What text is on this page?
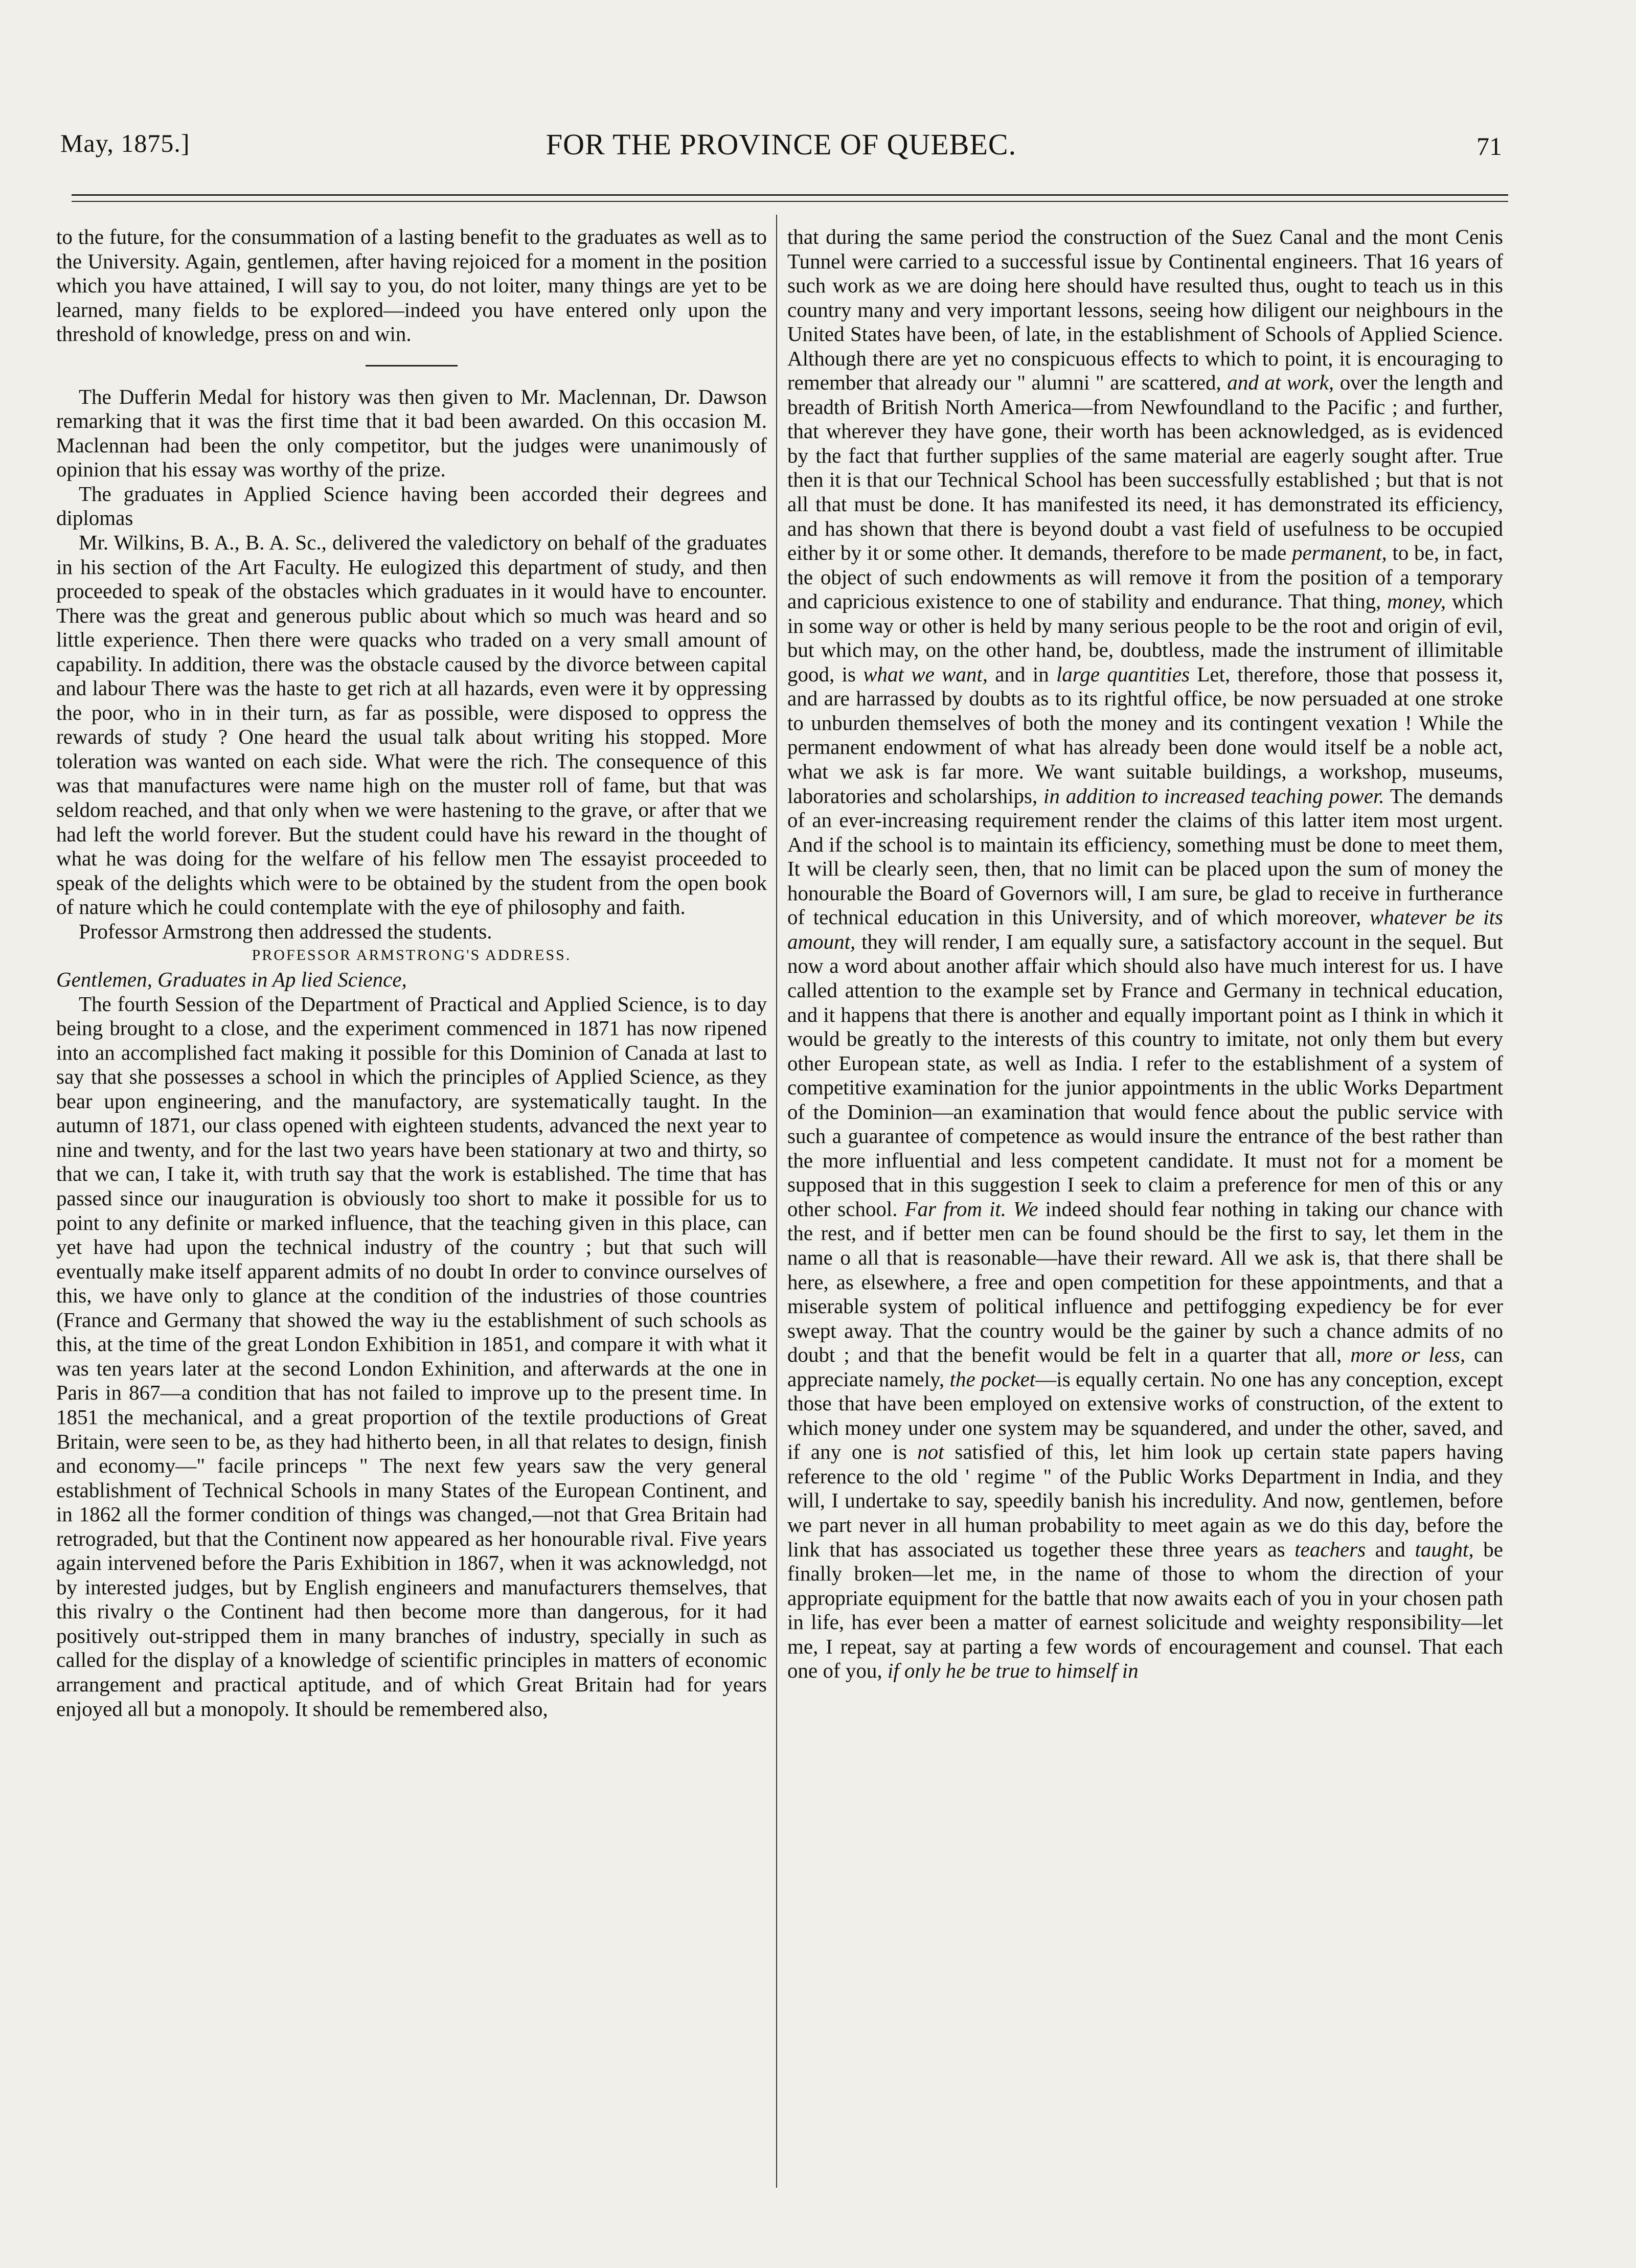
May, 1875.]	FOR THE PROVINCE OF QUEBEC.	71

to the future, for the consummation of a lasting benefit to the graduates as well as to the University. Again, gentlemen, after having rejoiced for a moment in the position which you have attained, I will say to you, do not loiter, many things are yet to be learned, many fields to be explored—indeed you have entered only upon the threshold of knowledge, press on and win.

The Dufferin Medal for history was then given to Mr. Maclennan, Dr. Dawson remarking that it was the first time that it bad been awarded. On this occasion M. Maclennan had been the only competitor, but the judges were unanimously of opinion that his essay was worthy of the prize.

The graduates in Applied Science having been accorded their degrees and diplomas

Mr. Wilkins, B. A., B. A. Sc., delivered the valedictory on behalf of the graduates in his section of the Art Faculty. He eulogized this department of study, and then proceeded to speak of the obstacles which graduates in it would have to encounter. There was the great and generous public about which so much was heard and so little experience. Then there were quacks who traded on a very small amount of capability. In addition, there was the obstacle caused by the divorce between capital and labour There was the haste to get rich at all hazards, even were it by oppressing the poor, who in in their turn, as far as possible, were disposed to oppress the rewards of study ? One heard the usual talk about writing his stopped. More toleration was wanted on each side. What were the rich. The consequence of this was that manufactures were name high on the muster roll of fame, but that was seldom reached, and that only when we were hastening to the grave, or after that we had left the world forever. But the student could have his reward in the thought of what he was doing for the welfare of his fellow men The essayist proceeded to speak of the delights which were to be obtained by the student from the open book of nature which he could contemplate with the eye of philosophy and faith.

Professor Armstrong then addressed the students.

PROFESSOR ARMSTRONG'S ADDRESS.

Gentlemen, Graduates in Ap lied Science,

The fourth Session of the Department of Practical and Applied Science, is to day being brought to a close, and the experiment commenced in 1871 has now ripened into an accomplished fact making it possible for this Dominion of Canada at last to say that she possesses a school in which the principles of Applied Science, as they bear upon engineering, and the manufactory, are systematically taught. In the autumn of 1871, our class opened with eighteen students, advanced the next year to nine and twenty, and for the last two years have been stationary at two and thirty, so that we can, I take it, with truth say that the work is established. The time that has passed since our inauguration is obviously too short to make it possible for us to point to any definite or marked influence, that the teaching given in this place, can yet have had upon the technical industry of the country ; but that such will eventually make itself apparent admits of no doubt In order to convince ourselves of this, we have only to glance at the condition of the industries of those countries (France and Germany that showed the way iu the establishment of such schools as this, at the time of the great London Exhibition in 1851, and compare it with what it was ten years later at the second London Exhinition, and afterwards at the one in Paris in 867—a condition that has not failed to improve up to the present time. In 1851 the mechanical, and a great proportion of the textile productions of Great Britain, were seen to be, as they had hitherto been, in all that relates to design, finish and economy—" facile princeps " The next few years saw the very general establishment of Technical Schools in many States of the European Continent, and in 1862 all the former condition of things was changed,—not that Grea Britain had retrograded, but that the Continent now appeared as her honourable rival. Five years again intervened before the Paris Exhibition in 1867, when it was acknowledgd, not by interested judges, but by English engineers and manufacturers themselves, that this rivalry o the Continent had then become more than dangerous, for it had positively out-stripped them in many branches of industry, specially in such as called for the display of a knowledge of scientific principles in matters of economic arrangement and practical aptitude, and of which Great Britain had for years enjoyed all but a monopoly. It should be remembered also,

that during the same period the construction of the Suez Canal and the mont Cenis Tunnel were carried to a successful issue by Continental engineers. That 16 years of such work as we are doing here should have resulted thus, ought to teach us in this country many and very important lessons, seeing how diligent our neighbours in the United States have been, of late, in the establishment of Schools of Applied Science. Although there are yet no conspicuous effects to which to point, it is encouraging to remember that already our " alumni " are scattered, and at work, over the length and breadth of British North America—from Newfoundland to the Pacific ; and further, that wherever they have gone, their worth has been acknowledged, as is evidenced by the fact that further supplies of the same material are eagerly sought after. True then it is that our Technical School has been successfully established ; but that is not all that must be done. It has manifested its need, it has demonstrated its efficiency, and has shown that there is beyond doubt a vast field of usefulness to be occupied either by it or some other. It demands, therefore to be made permanent, to be, in fact, the object of such endowments as will remove it from the position of a temporary and capricious existence to one of stability and endurance. That thing, money, which in some way or other is held by many serious people to be the root and origin of evil, but which may, on the other hand, be, doubtless, made the instrument of illimitable good, is what we want, and in large quantities Let, therefore, those that possess it, and are harrassed by doubts as to its rightful office, be now persuaded at one stroke to unburden themselves of both the money and its contingent vexation ! While the permanent endowment of what has already been done would itself be a noble act, what we ask is far more. We want suitable buildings, a workshop, museums, laboratories and scholarships, in addition to increased teaching power. The demands of an ever-increasing requirement render the claims of this latter item most urgent. And if the school is to maintain its efficiency, something must be done to meet them, It will be clearly seen, then, that no limit can be placed upon the sum of money the honourable the Board of Governors will, I am sure, be glad to receive in furtherance of technical education in this University, and of which moreover, whatever be its amount, they will render, I am equally sure, a satisfactory account in the sequel. But now a word about another affair which should also have much interest for us. I have called attention to the example set by France and Germany in technical education, and it happens that there is another and equally important point as I think in which it would be greatly to the interests of this country to imitate, not only them but every other European state, as well as India. I refer to the establishment of a system of competitive examination for the junior appointments in the ublic Works Department of the Dominion—an examination that would fence about the public service with such a guarantee of competence as would insure the entrance of the best rather than the more influential and less competent candidate. It must not for a moment be supposed that in this suggestion I seek to claim a preference for men of this or any other school. Far from it. We indeed should fear nothing in taking our chance with the rest, and if better men can be found should be the first to say, let them in the name o all that is reasonable—have their reward. All we ask is, that there shall be here, as elsewhere, a free and open competition for these appointments, and that a miserable system of political influence and pettifogging expediency be for ever swept away. That the country would be the gainer by such a chance admits of no doubt ; and that the benefit would be felt in a quarter that all, more or less, can appreciate namely, the pocket—is equally certain. No one has any conception, except those that have been employed on extensive works of construction, of the extent to which money under one system may be squandered, and under the other, saved, and if any one is not satisfied of this, let him look up certain state papers having reference to the old ' regime " of the Public Works Department in India, and they will, I undertake to say, speedily banish his incredulity. And now, gentlemen, before we part never in all human probability to meet again as we do this day, before the link that has associated us together these three years as teachers and taught, be finally broken—let me, in the name of those to whom the direction of your appropriate equipment for the battle that now awaits each of you in your chosen path in life, has ever been a matter of earnest solicitude and weighty responsibility—let me, I repeat, say at parting a few words of encouragement and counsel. That each one of you, if only he be true to himself in
